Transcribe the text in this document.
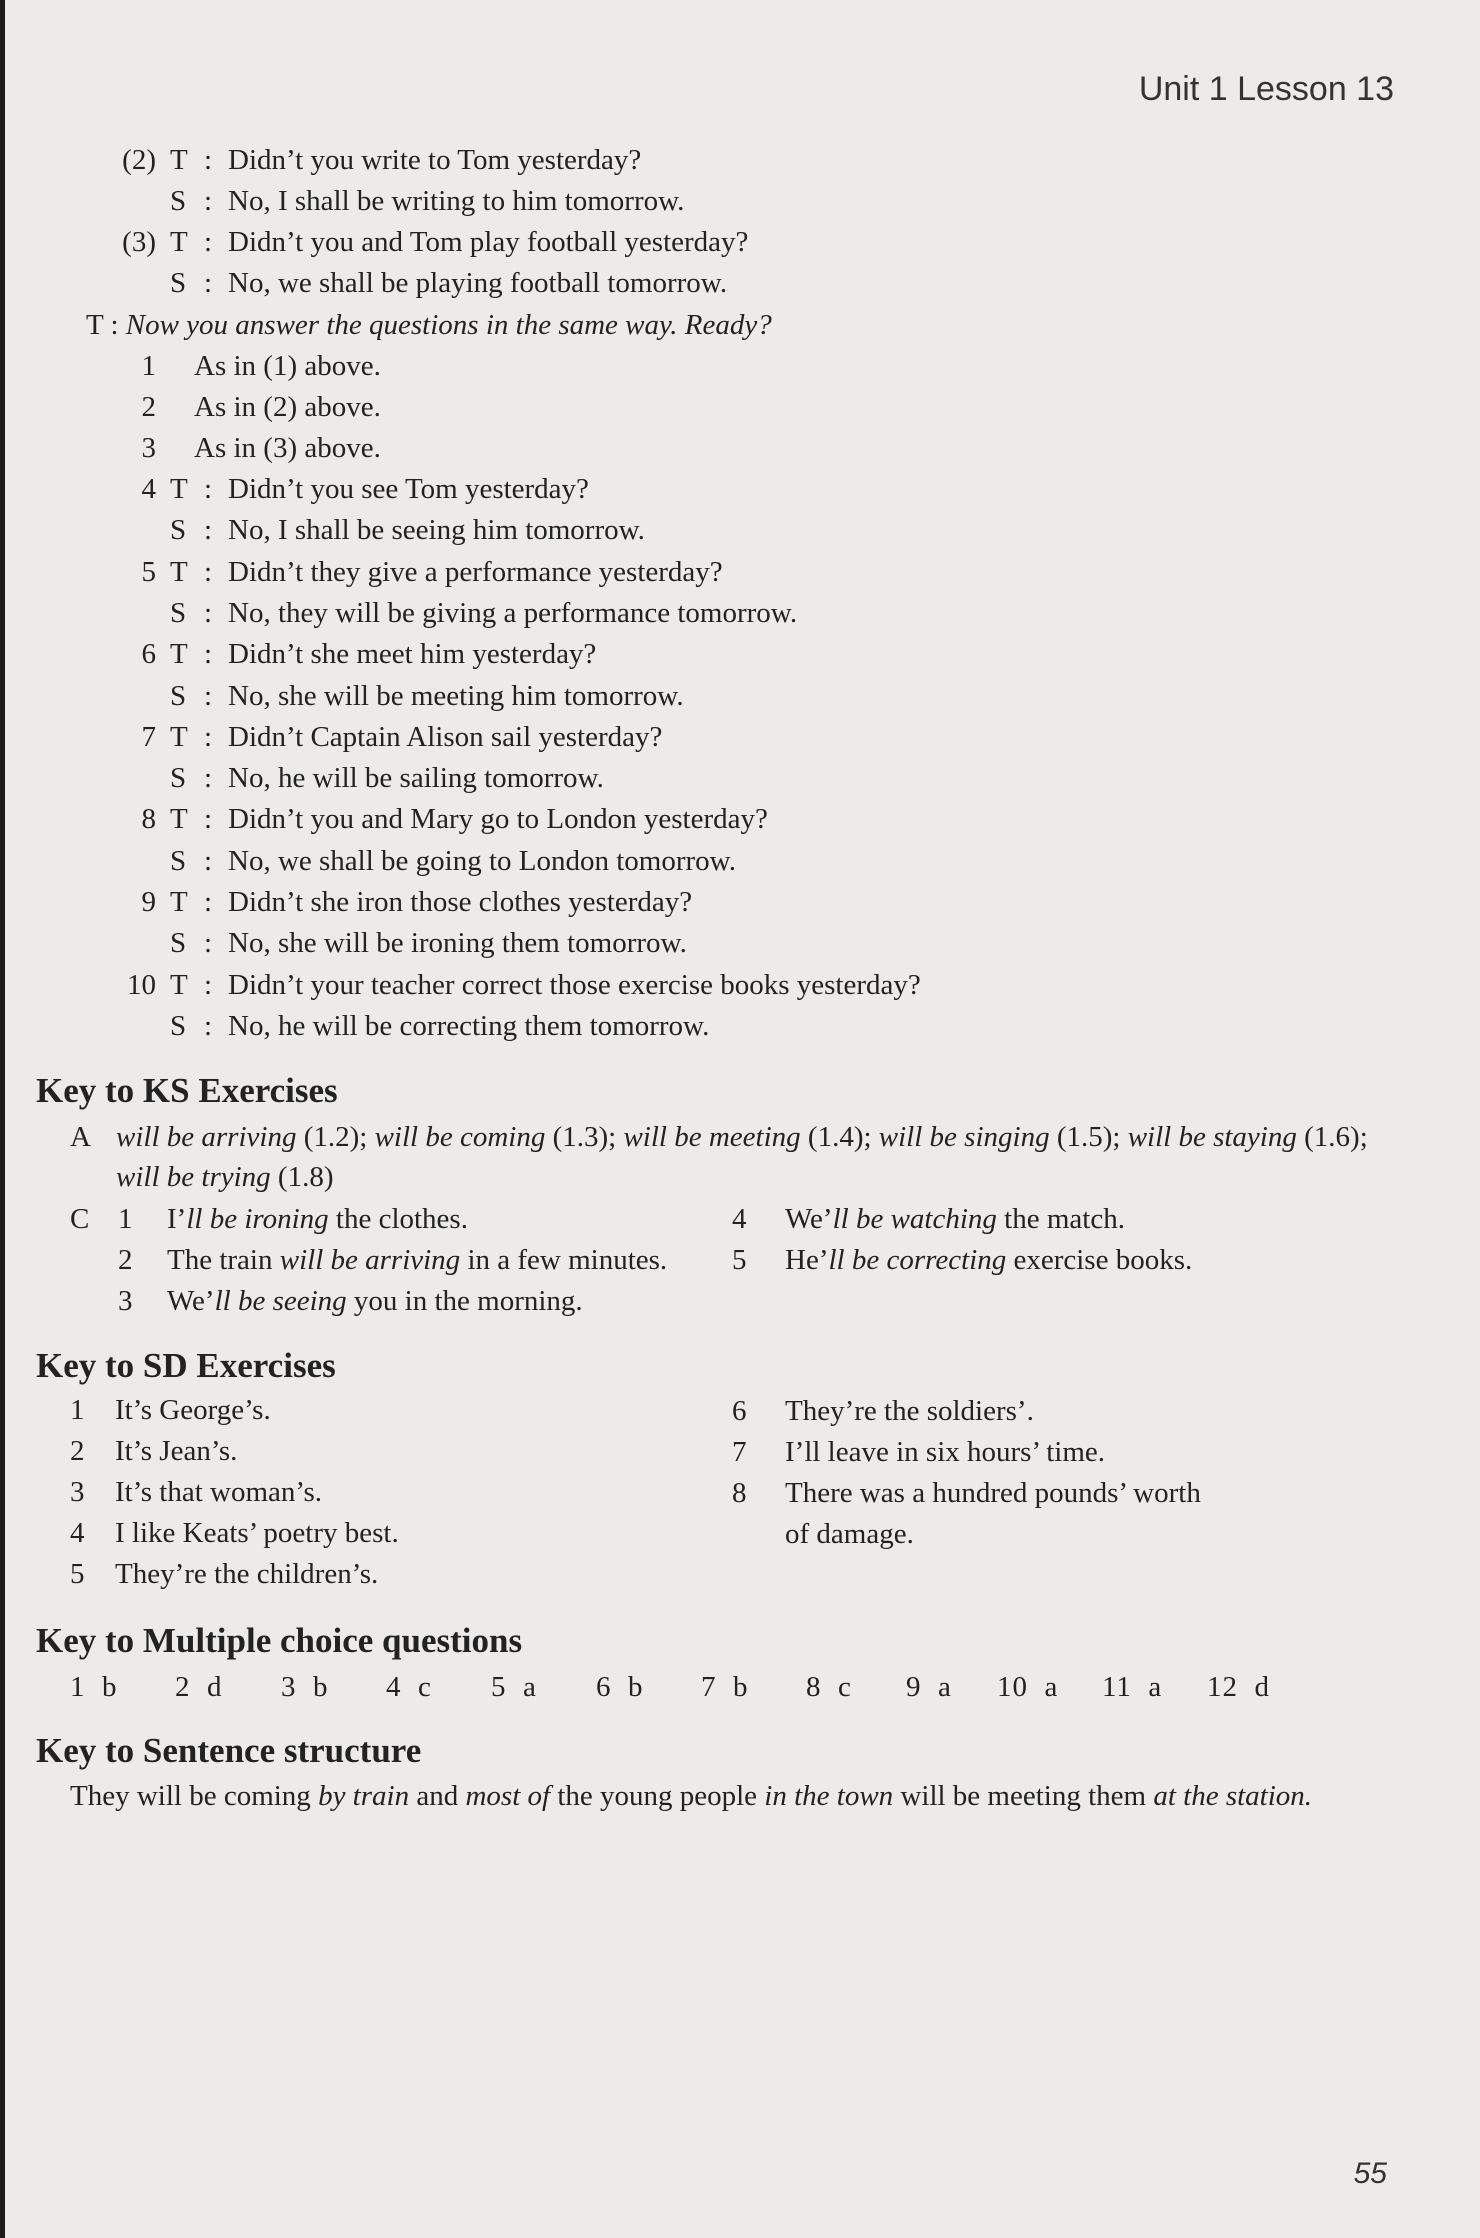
Unit 1 Lesson 13
(2) T : Didn’t you write to Tom yesterday?
S : No, I shall be writing to him tomorrow.
(3) T : Didn’t you and Tom play football yesterday?
S : No, we shall be playing football tomorrow.
T : Now you answer the questions in the same way. Ready?
1 As in (1) above.
2 As in (2) above.
3 As in (3) above.
4 T : Didn’t you see Tom yesterday?
S : No, I shall be seeing him tomorrow.
5 T : Didn’t they give a performance yesterday?
S : No, they will be giving a performance tomorrow.
6 T : Didn’t she meet him yesterday?
S : No, she will be meeting him tomorrow.
7 T : Didn’t Captain Alison sail yesterday?
S : No, he will be sailing tomorrow.
8 T : Didn’t you and Mary go to London yesterday?
S : No, we shall be going to London tomorrow.
9 T : Didn’t she iron those clothes yesterday?
S : No, she will be ironing them tomorrow.
10 T : Didn’t your teacher correct those exercise books yesterday?
S : No, he will be correcting them tomorrow.
Key to KS Exercises
A will be arriving (1.2); will be coming (1.3); will be meeting (1.4); will be singing (1.5); will be staying (1.6);
will be trying (1.8)
C 1 I’ll be ironing the clothes.
2 The train will be arriving in a few minutes.
3 We’ll be seeing you in the morning.
4 We’ll be watching the match.
5 He’ll be correcting exercise books.
Key to SD Exercises
1 It’s George’s.
2 It’s Jean’s.
3 It’s that woman’s.
4 I like Keats’ poetry best.
5 They’re the children’s.
6 They’re the soldiers’.
7 I’ll leave in six hours’ time.
8 There was a hundred pounds’ worth
of damage.
Key to Multiple choice questions
1  b 2  d 3  b 4  c 5  a 6  b 7  b 8  c 9  a 10  a 11  a 12  d
Key to Sentence structure
They will be coming by train and most of the young people in the town will be meeting them at the station.
55
